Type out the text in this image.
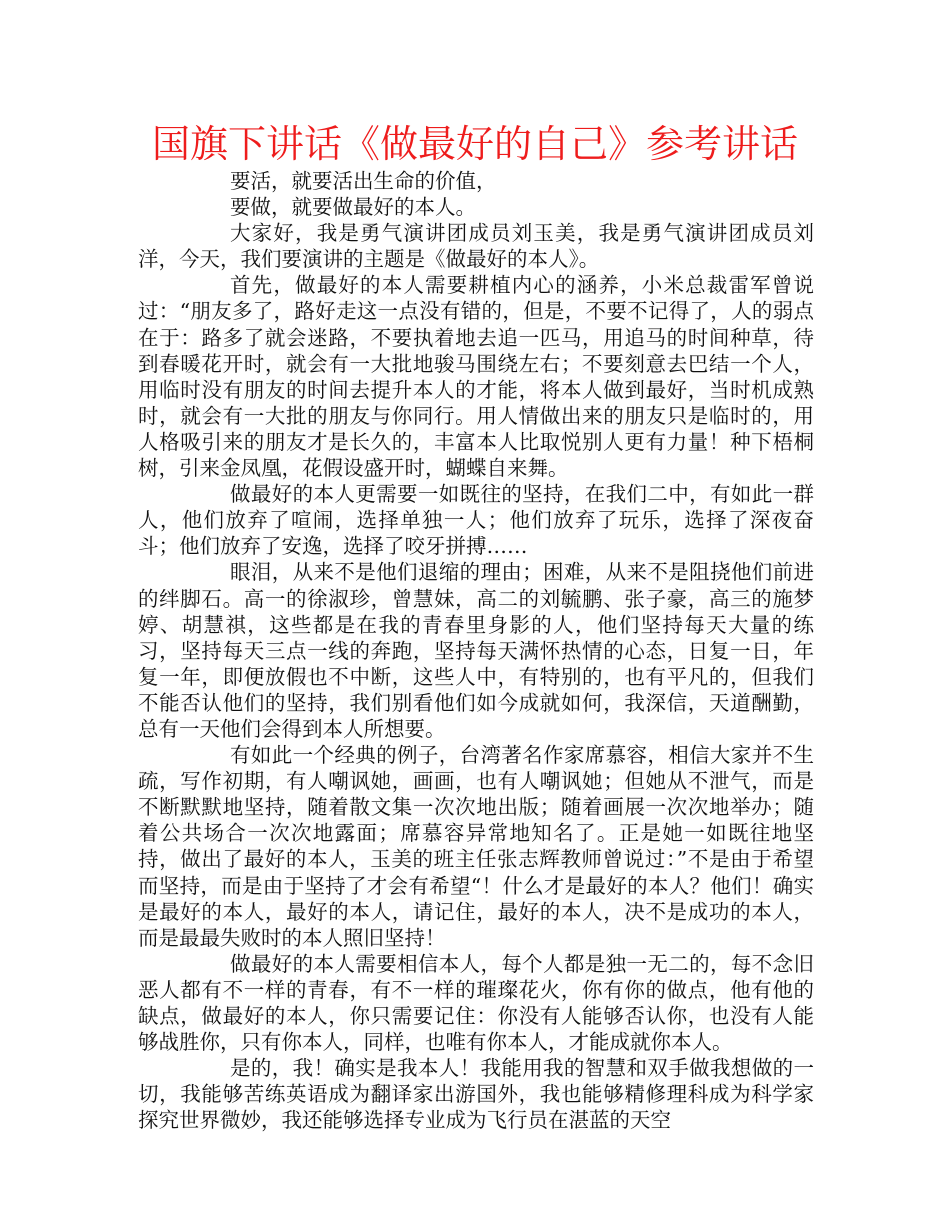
国旗下讲话《做最好的自己》参考讲话

要活，就要活出生命的价值，

要做，就要做最好的本人。

大家好，我是勇气演讲团成员刘玉美，我是勇气演讲团成员刘洋，今天，我们要演讲的主题是《做最好的本人》。

首先，做最好的本人需要耕植内心的涵养，小米总裁雷军曾说过：“朋友多了，路好走这一点没有错的，但是，不要不记得了，人的弱点在于：路多了就会迷路，不要执着地去追一匹马，用追马的时间种草，待到春暖花开时，就会有一大批地骏马围绕左右；不要刻意去巴结一个人，用临时没有朋友的时间去提升本人的才能，将本人做到最好，当时机成熟时，就会有一大批的朋友与你同行。用人情做出来的朋友只是临时的，用人格吸引来的朋友才是长久的，丰富本人比取悦别人更有力量！种下梧桐树，引来金凤凰，花假设盛开时，蝴蝶自来舞。

做最好的本人更需要一如既往的坚持，在我们二中，有如此一群人，他们放弃了喧闹，选择单独一人；他们放弃了玩乐，选择了深夜奋斗；他们放弃了安逸，选择了咬牙拼搏……

眼泪，从来不是他们退缩的理由；困难，从来不是阻挠他们前进的绊脚石。高一的徐淑珍，曾慧妹，高二的刘毓鹏、张子豪，高三的施梦婷、胡慧祺，这些都是在我的青春里身影的人，他们坚持每天大量的练习，坚持每天三点一线的奔跑，坚持每天满怀热情的心态，日复一日，年复一年，即便放假也不中断，这些人中，有特别的，也有平凡的，但我们不能否认他们的坚持，我们别看他们如今成就如何，我深信，天道酬勤，总有一天他们会得到本人所想要。

有如此一个经典的例子，台湾著名作家席慕容，相信大家并不生疏，写作初期，有人嘲讽她，画画，也有人嘲讽她；但她从不泄气，而是不断默默地坚持，随着散文集一次次地出版；随着画展一次次地举办；随着公共场合一次次地露面；席慕容异常地知名了。正是她一如既往地坚持，做出了最好的本人，玉美的班主任张志辉教师曾说过：”不是由于希望而坚持，而是由于坚持了才会有希望“！什么才是最好的本人？他们！确实是最好的本人，最好的本人，请记住，最好的本人，决不是成功的本人，而是最最失败时的本人照旧坚持！

做最好的本人需要相信本人，每个人都是独一无二的，每不念旧恶人都有不一样的青春，有不一样的璀璨花火，你有你的做点，他有他的缺点，做最好的本人，你只需要记住：你没有人能够否认你，也没有人能够战胜你，只有你本人，同样，也唯有你本人，才能成就你本人。

是的，我！确实是我本人！我能用我的智慧和双手做我想做的一切，我能够苦练英语成为翻译家出游国外，我也能够精修理科成为科学家探究世界微妙，我还能够选择专业成为飞行员在湛蓝的天空
